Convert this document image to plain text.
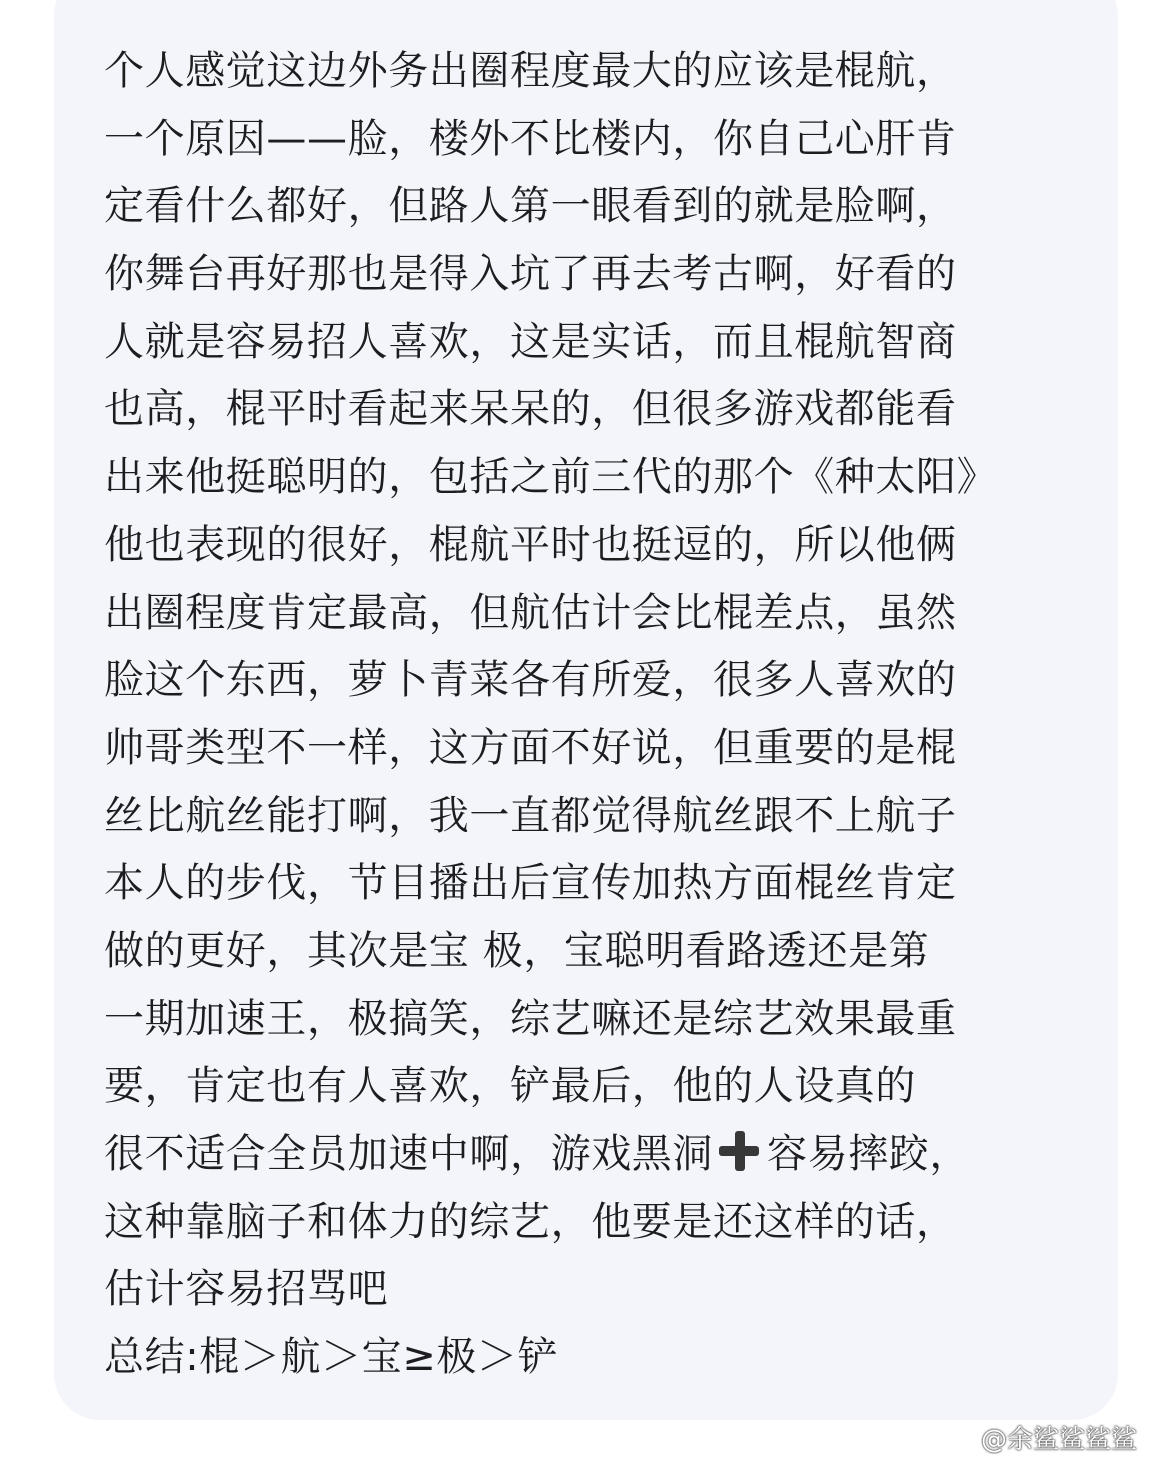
个人感觉这边外务出圈程度最大的应该是棍航，
一个原因——脸，楼外不比楼内，你自己心肝肯
定看什么都好，但路人第一眼看到的就是脸啊，
你舞台再好那也是得入坑了再去考古啊，好看的
人就是容易招人喜欢，这是实话，而且棍航智商
也高，棍平时看起来呆呆的，但很多游戏都能看
出来他挺聪明的，包括之前三代的那个《种太阳》
他也表现的很好，棍航平时也挺逗的，所以他俩
出圈程度肯定最高，但航估计会比棍差点，虽然
脸这个东西，萝卜青菜各有所爱，很多人喜欢的
帅哥类型不一样，这方面不好说，但重要的是棍
丝比航丝能打啊，我一直都觉得航丝跟不上航子
本人的步伐，节目播出后宣传加热方面棍丝肯定
做的更好，其次是宝 极，宝聪明看路透还是第
一期加速王，极搞笑，综艺嘛还是综艺效果最重
要，肯定也有人喜欢，铲最后，他的人设真的
很不适合全员加速中啊，游戏黑洞 容易摔跤，
这种靠脑子和体力的综艺，他要是还这样的话，
估计容易招骂吧
总结:棍＞航＞宝≥极＞铲
@余鲨鲨鲨鲨
